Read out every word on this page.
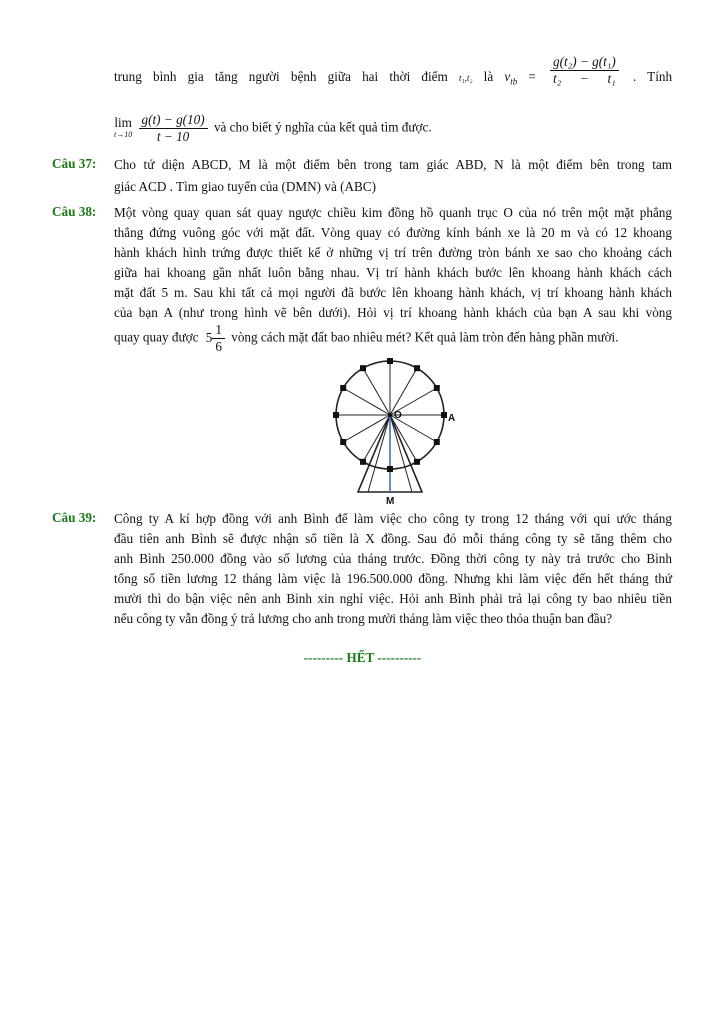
trung bình gia tăng người bệnh giữa hai thời điểm t₁,t₂ là $v_{tb} = \frac{\text{g(t₂) − g(t₁)}}{\text{t₂ − t₁}}$ . Tính
lim
t→10
$\frac{g(t) - g(10)}{t - 10}$ và cho biết ý nghĩa của kết quả tìm được.
Câu 37: Cho tứ diện ABCD, M là một điểm bên trong tam giác ABD, N là một điểm bên trong tam
giác ACD . Tìm giao tuyến của (DMN) và (ABC)
Câu 38: Một vòng quay quan sát quay ngược chiều kim đồng hồ quanh trục O của nó trên một mặt phẳng
thẳng đứng vuông góc với mặt đất. Vòng quay có đường kính bánh xe là 20 m và có 12 khoang
hành khách hình trứng được thiết kế ở những vị trí trên đường tròn bánh xe sao cho khoảng cách
giữa hai khoang gần nhất luôn bằng nhau. Vị trí hành khách bước lên khoang hành khách cách
mặt đất 5 m. Sau khi tất cả mọi người đã bước lên khoang hành khách, vị trí khoang hành khách
của bạn A (như trong hình vẽ bên dưới). Hỏi vị trí khoang hành khách của bạn A sau khi vòng
quay quay được $5 \frac{1}{6}$ vòng cách mặt đất bao nhiêu mét? Kết quả làm tròn đến hàng phần mười.
O	A
M
Câu 39: Công ty A kí hợp đồng với anh Bình để làm việc cho công ty trong 12 tháng với qui ước tháng
đầu tiên anh Bình sẽ được nhận số tiền là X đồng. Sau đó mỗi tháng công ty sẽ tăng thêm cho
anh Bình 250.000 đồng vào số lương của tháng trước. Đồng thời công ty này trả trước cho Bình
tổng số tiền lương 12 tháng làm việc là 196.500.000 đồng. Nhưng khi làm việc đến hết tháng thứ
mười thì do bận việc nên anh Bình xin nghỉ việc. Hỏi anh Bình phải trả lại công ty bao nhiêu tiền
nếu công ty vẫn đồng ý trả lương cho anh trong mười tháng làm việc theo thỏa thuận ban đầu?
--------- HẾT ----------
